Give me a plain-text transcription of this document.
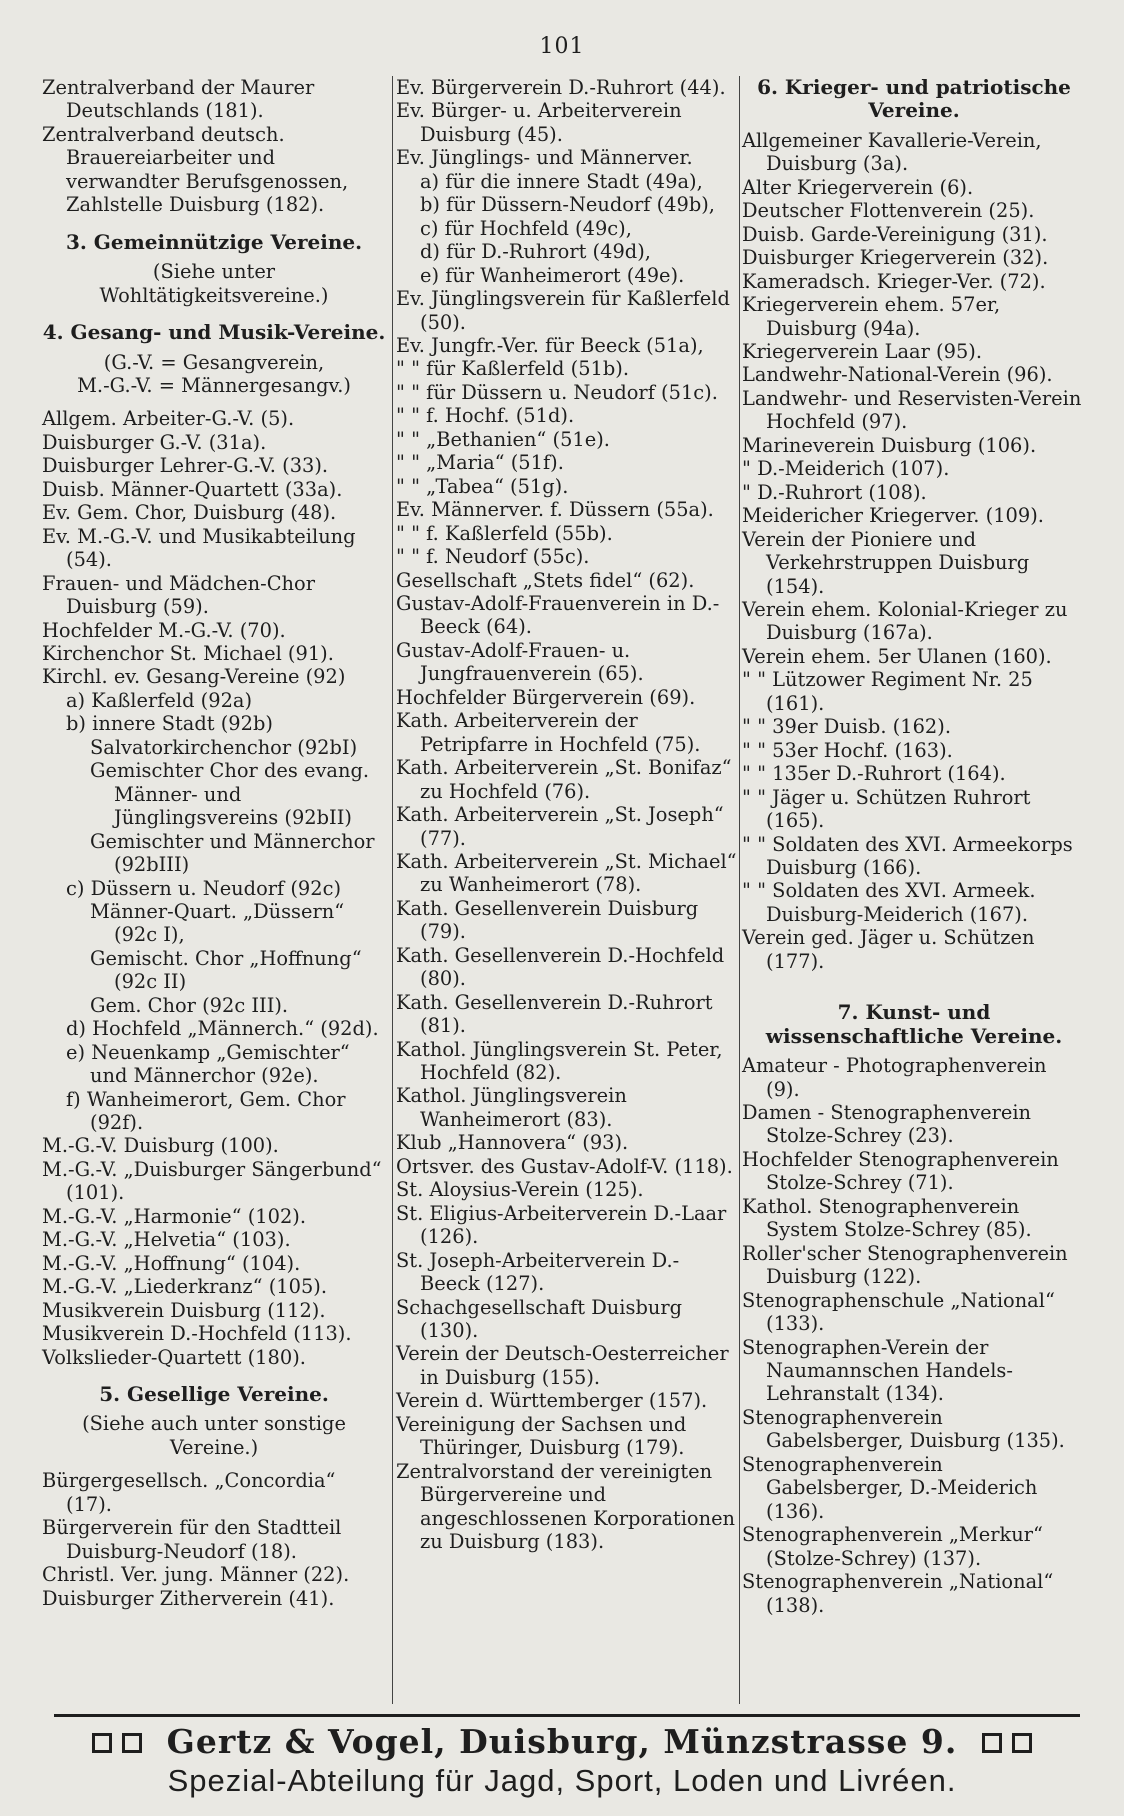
101
Zentralverband der Maurer Deutschlands (181).
Zentralverband deutsch. Brauereiarbeiter und verwandter Berufsgenossen, Zahlstelle Duisburg (182).
3. Gemeinnützige Vereine.
(Siehe unter Wohltätigkeitsvereine.)
4. Gesang- und Musik-Vereine.
(G.-V. = Gesangverein,
M.-G.-V. = Männergesangv.)
Allgem. Arbeiter-G.-V. (5).
Duisburger G.-V. (31a).
Duisburger Lehrer-G.-V. (33).
Duisb. Männer-Quartett (33a).
Ev. Gem. Chor, Duisburg (48).
Ev. M.-G.-V. und Musikabteilung (54).
Frauen- und Mädchen-Chor Duisburg (59).
Hochfelder M.-G.-V. (70).
Kirchenchor St. Michael (91).
Kirchl. ev. Gesang-Vereine (92)
a) Kaßlerfeld (92a)
b) innere Stadt (92b)
Salvatorkirchenchor (92bI)
Gemischter Chor des evang. Männer- und Jünglingsvereins (92bII)
Gemischter und Männerchor (92bIII)
c) Düssern u. Neudorf (92c)
Männer-Quart. „Düssern“ (92c I),
Gemischt. Chor „Hoffnung“ (92c II)
Gem. Chor (92c III).
d) Hochfeld „Männerch.“ (92d).
e) Neuenkamp „Gemischter“ und Männerchor (92e).
f) Wanheimerort, Gem. Chor (92f).
M.-G.-V. Duisburg (100).
M.-G.-V. „Duisburger Sängerbund“ (101).
M.-G.-V. „Harmonie“ (102).
M.-G.-V. „Helvetia“ (103).
M.-G.-V. „Hoffnung“ (104).
M.-G.-V. „Liederkranz“ (105).
Musikverein Duisburg (112).
Musikverein D.-Hochfeld (113).
Volkslieder-Quartett (180).
5. Gesellige Vereine.
(Siehe auch unter sonstige Vereine.)
Bürgergesellsch. „Concordia“ (17).
Bürgerverein für den Stadtteil Duisburg-Neudorf (18).
Christl. Ver. jung. Männer (22).
Duisburger Zitherverein (41).
Ev. Bürgerverein D.-Ruhrort (44).
Ev. Bürger- u. Arbeiterverein Duisburg (45).
Ev. Jünglings- und Männerver.
a) für die innere Stadt (49a),
b) für Düssern-Neudorf (49b),
c) für Hochfeld (49c),
d) für D.-Ruhrort (49d),
e) für Wanheimerort (49e).
Ev. Jünglingsverein für Kaßlerfeld (50).
Ev. Jungfr.-Ver. für Beeck (51a),
" " für Kaßlerfeld (51b).
" " für Düssern u. Neudorf (51c).
" " f. Hochf. (51d).
" " „Bethanien“ (51e).
" " „Maria“ (51f).
" " „Tabea“ (51g).
Ev. Männerver. f. Düssern (55a).
" " f. Kaßlerfeld (55b).
" " f. Neudorf (55c).
Gesellschaft „Stets fidel“ (62).
Gustav-Adolf-Frauenverein in D.-Beeck (64).
Gustav-Adolf-Frauen- u. Jungfrauenverein (65).
Hochfelder Bürgerverein (69).
Kath. Arbeiterverein der Petripfarre in Hochfeld (75).
Kath. Arbeiterverein „St. Bonifaz“ zu Hochfeld (76).
Kath. Arbeiterverein „St. Joseph“ (77).
Kath. Arbeiterverein „St. Michael“ zu Wanheimerort (78).
Kath. Gesellenverein Duisburg (79).
Kath. Gesellenverein D.-Hochfeld (80).
Kath. Gesellenverein D.-Ruhrort (81).
Kathol. Jünglingsverein St. Peter, Hochfeld (82).
Kathol. Jünglingsverein Wanheimerort (83).
Klub „Hannovera“ (93).
Ortsver. des Gustav-Adolf-V. (118).
St. Aloysius-Verein (125).
St. Eligius-Arbeiterverein D.-Laar (126).
St. Joseph-Arbeiterverein D.-Beeck (127).
Schachgesellschaft Duisburg (130).
Verein der Deutsch-Oesterreicher in Duisburg (155).
Verein d. Württemberger (157).
Vereinigung der Sachsen und Thüringer, Duisburg (179).
Zentralvorstand der vereinigten Bürgervereine und angeschlossenen Korporationen zu Duisburg (183).
6. Krieger- und patriotische Vereine.
Allgemeiner Kavallerie-Verein, Duisburg (3a).
Alter Kriegerverein (6).
Deutscher Flottenverein (25).
Duisb. Garde-Vereinigung (31).
Duisburger Kriegerverein (32).
Kameradsch. Krieger-Ver. (72).
Kriegerverein ehem. 57er, Duisburg (94a).
Kriegerverein Laar (95).
Landwehr-National-Verein (96).
Landwehr- und Reservisten-Verein Hochfeld (97).
Marineverein Duisburg (106).
" D.-Meiderich (107).
" D.-Ruhrort (108).
Meidericher Kriegerver. (109).
Verein der Pioniere und Verkehrstruppen Duisburg (154).
Verein ehem. Kolonial-Krieger zu Duisburg (167a).
Verein ehem. 5er Ulanen (160).
" " Lützower Regiment Nr. 25 (161).
" " 39er Duisb. (162).
" " 53er Hochf. (163).
" " 135er D.-Ruhrort (164).
" " Jäger u. Schützen Ruhrort (165).
" " Soldaten des XVI. Armeekorps Duisburg (166).
" " Soldaten des XVI. Armeek. Duisburg-Meiderich (167).
Verein ged. Jäger u. Schützen (177).
7. Kunst- und wissenschaftliche Vereine.
Amateur - Photographenverein (9).
Damen - Stenographenverein Stolze-Schrey (23).
Hochfelder Stenographenverein Stolze-Schrey (71).
Kathol. Stenographenverein System Stolze-Schrey (85).
Roller'scher Stenographenverein Duisburg (122).
Stenographenschule „National“ (133).
Stenographen-Verein der Naumannschen Handels-Lehranstalt (134).
Stenographenverein Gabelsberger, Duisburg (135).
Stenographenverein Gabelsberger, D.-Meiderich (136).
Stenographenverein „Merkur“ (Stolze-Schrey) (137).
Stenographenverein „National“ (138).
Gertz & Vogel, Duisburg, Münzstrasse 9.
Spezial-Abteilung für Jagd, Sport, Loden und Livréen.
